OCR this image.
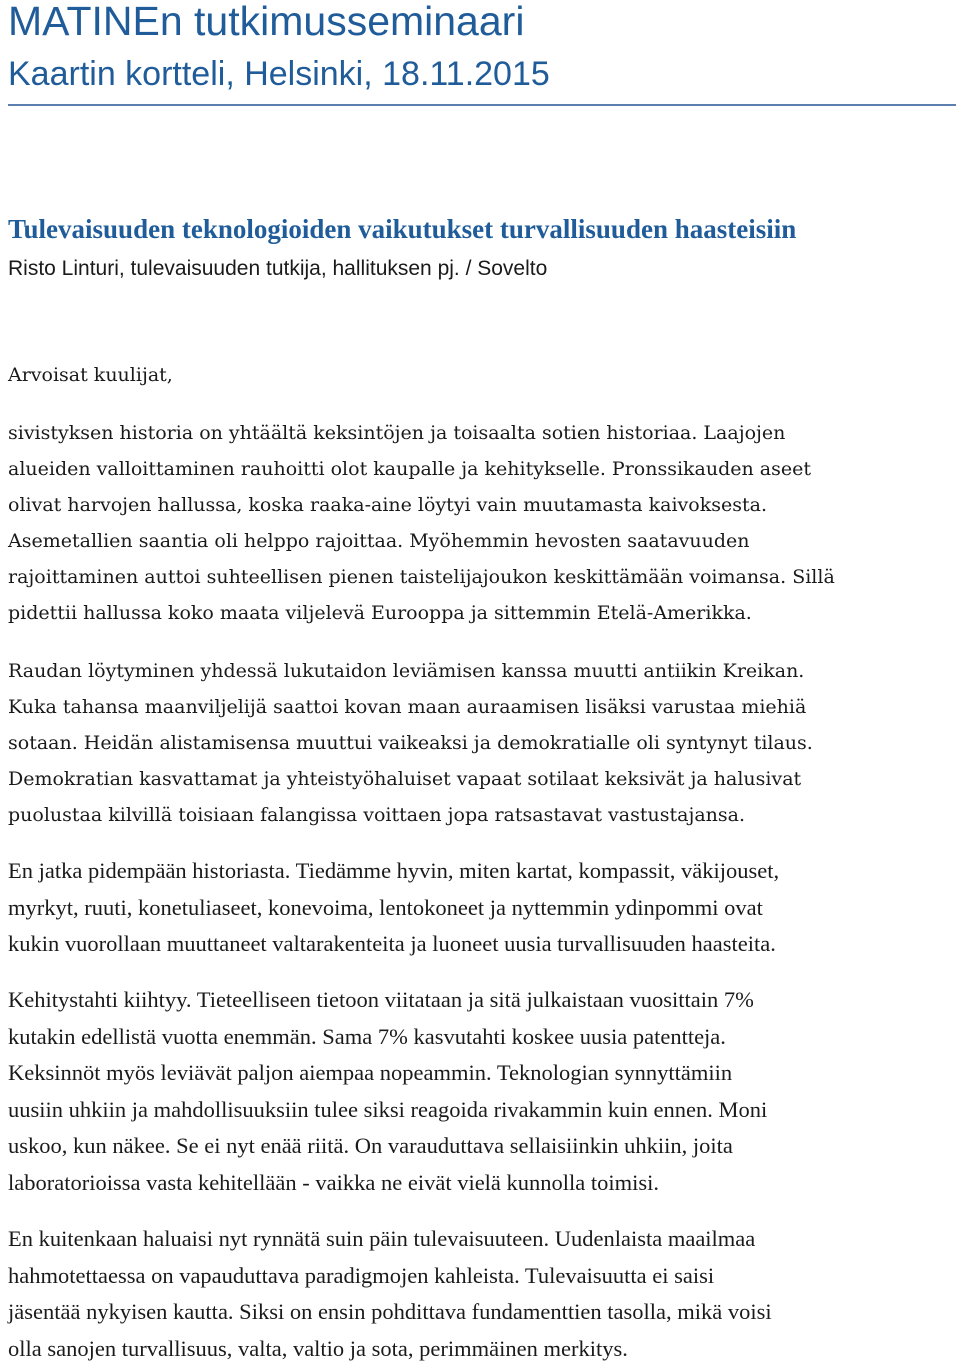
MATINEn tutkimusseminaari
Kaartin kortteli, Helsinki, 18.11.2015
Tulevaisuuden teknologioiden vaikutukset turvallisuuden haasteisiin
Risto Linturi, tulevaisuuden tutkija, hallituksen pj. / Sovelto
Arvoisat kuulijat,
sivistyksen historia on yhtäältä keksintöjen ja toisaalta sotien historiaa. Laajojen
alueiden valloittaminen rauhoitti olot kaupalle ja kehitykselle. Pronssikauden aseet
olivat harvojen hallussa, koska raaka-aine löytyi vain muutamasta kaivoksesta.
Asemetallien saantia oli helppo rajoittaa. Myöhemmin hevosten saatavuuden
rajoittaminen auttoi suhteellisen pienen taistelijajoukon keskittämään voimansa. Sillä
pidettii hallussa koko maata viljelevä Eurooppa ja sittemmin Etelä-Amerikka.
Raudan löytyminen yhdessä lukutaidon leviämisen kanssa muutti antiikin Kreikan.
Kuka tahansa maanviljelijä saattoi kovan maan auraamisen lisäksi varustaa miehiä
sotaan. Heidän alistamisensa muuttui vaikeaksi ja demokratialle oli syntynyt tilaus.
Demokratian kasvattamat ja yhteistyöhaluiset vapaat sotilaat keksivät ja halusivat
puolustaa kilvillä toisiaan falangissa voittaen jopa ratsastavat vastustajansa.
En jatka pidempään historiasta. Tiedämme hyvin, miten kartat, kompassit, väkijouset,
myrkyt, ruuti, konetuliaseet, konevoima, lentokoneet ja nyttemmin ydinpommi ovat
kukin vuorollaan muuttaneet valtarakenteita ja luoneet uusia turvallisuuden haasteita.
Kehitystahti kiihtyy. Tieteelliseen tietoon viitataan ja sitä julkaistaan vuosittain 7%
kutakin edellistä vuotta enemmän. Sama 7% kasvutahti koskee uusia patentteja.
Keksinnöt myös leviävät paljon aiempaa nopeammin. Teknologian synnyttämiin
uusiin uhkiin ja mahdollisuuksiin tulee siksi reagoida rivakammin kuin ennen. Moni
uskoo, kun näkee. Se ei nyt enää riitä. On varauduttava sellaisiinkin uhkiin, joita
laboratorioissa vasta kehitellään - vaikka ne eivät vielä kunnolla toimisi.
En kuitenkaan haluaisi nyt rynnätä suin päin tulevaisuuteen. Uudenlaista maailmaa
hahmotettaessa on vapauduttava paradigmojen kahleista. Tulevaisuutta ei saisi
jäsentää nykyisen kautta. Siksi on ensin pohdittava fundamenttien tasolla, mikä voisi
olla sanojen turvallisuus, valta, valtio ja sota, perimmäinen merkitys.
